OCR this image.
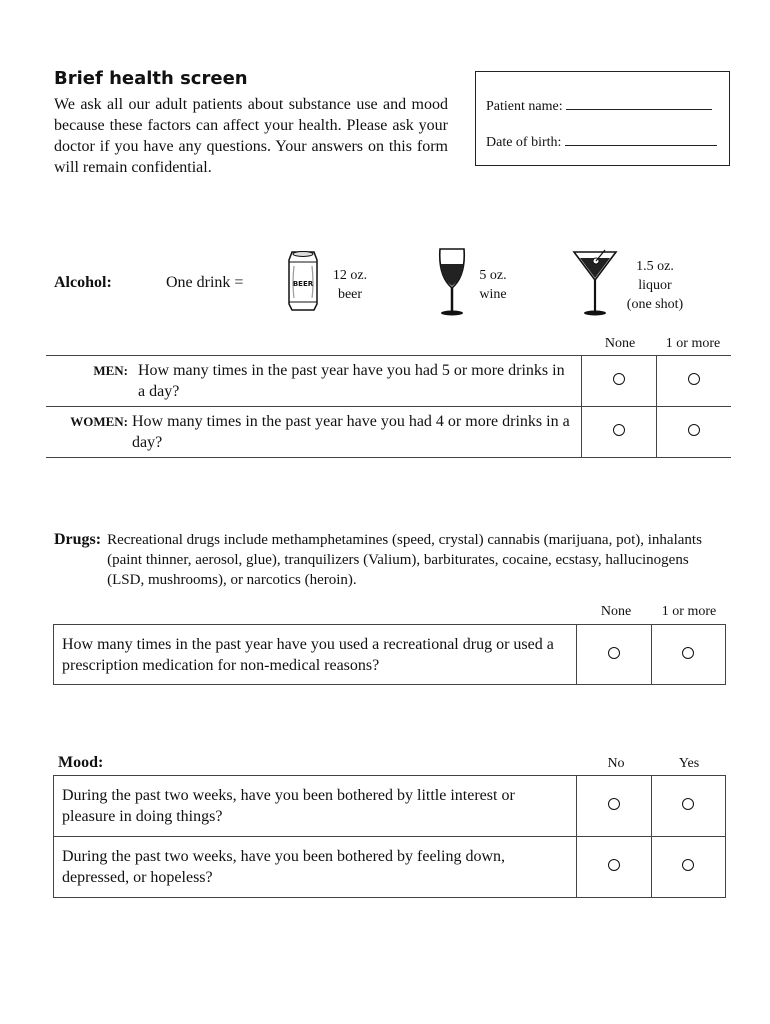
Brief health screen
We ask all our adult patients about substance use and mood because these factors can affect your health. Please ask your doctor if you have any questions. Your answers on this form will remain confidential.
Patient name:
Date of birth:
Alcohol:	One drink =	BEER
12 oz.
beer
5 oz.
wine
1.5 oz.
liquor
(one shot)
None	1 or more
MEN: How many times in the past year have you had 5 or more drinks in a day?		

WOMEN: How many times in the past year have you had 4 or more drinks in a day?		

Drugs: Recreational drugs include methamphetamines (speed, crystal) cannabis (marijuana, pot), inhalants (paint thinner, aerosol, glue), tranquilizers (Valium), barbiturates, cocaine, ecstasy, hallucinogens (LSD, mushrooms), or narcotics (heroin).
None	1 or more
How many times in the past year have you used a recreational drug or used a prescription medication for non-medical reasons?		
Mood:	No	Yes
During the past two weeks, have you been bothered by little interest or pleasure in doing things?		
During the past two weeks, have you been bothered by feeling down, depressed, or hopeless?		
